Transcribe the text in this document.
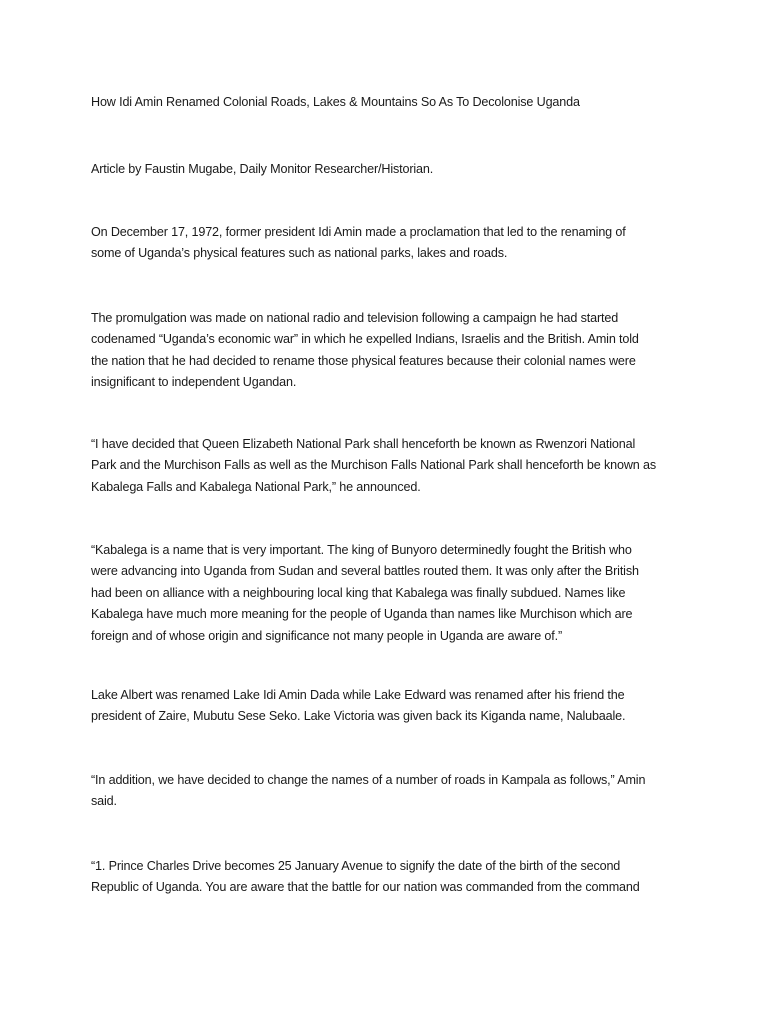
How Idi Amin Renamed Colonial Roads, Lakes & Mountains So As To Decolonise Uganda

Article by Faustin Mugabe, Daily Monitor Researcher/Historian.

On December 17, 1972, former president Idi Amin made a proclamation that led to the renaming of
some of Uganda’s physical features such as national parks, lakes and roads.

The promulgation was made on national radio and television following a campaign he had started
codenamed “Uganda’s economic war” in which he expelled Indians, Israelis and the British. Amin told
the nation that he had decided to rename those physical features because their colonial names were
insignificant to independent Ugandan.

“I have decided that Queen Elizabeth National Park shall henceforth be known as Rwenzori National
Park and the Murchison Falls as well as the Murchison Falls National Park shall henceforth be known as
Kabalega Falls and Kabalega National Park,” he announced.

“Kabalega is a name that is very important. The king of Bunyoro determinedly fought the British who
were advancing into Uganda from Sudan and several battles routed them. It was only after the British
had been on alliance with a neighbouring local king that Kabalega was finally subdued. Names like
Kabalega have much more meaning for the people of Uganda than names like Murchison which are
foreign and of whose origin and significance not many people in Uganda are aware of.”

Lake Albert was renamed Lake Idi Amin Dada while Lake Edward was renamed after his friend the
president of Zaire, Mubutu Sese Seko. Lake Victoria was given back its Kiganda name, Nalubaale.

“In addition, we have decided to change the names of a number of roads in Kampala as follows,” Amin
said.

“1. Prince Charles Drive becomes 25 January Avenue to signify the date of the birth of the second
Republic of Uganda. You are aware that the battle for our nation was commanded from the command
